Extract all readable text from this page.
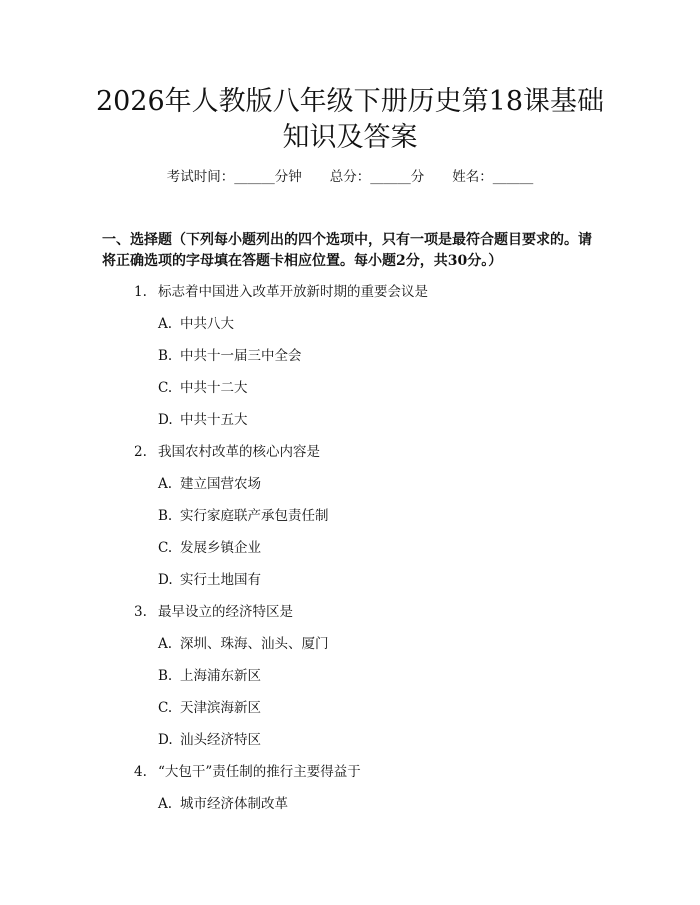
2026年人教版八年级下册历史第18课基础
知识及答案
考试时间：______分钟 总分：______分 姓名：______
一、选择题（下列每小题列出的四个选项中，只有一项是最符合题目要求的。请
将正确选项的字母填在答题卡相应位置。每小题2分，共30分。）
1. 标志着中国进入改革开放新时期的重要会议是
A. 中共八大
B. 中共十一届三中全会
C. 中共十二大
D. 中共十五大
2. 我国农村改革的核心内容是
A. 建立国营农场
B. 实行家庭联产承包责任制
C. 发展乡镇企业
D. 实行土地国有
3. 最早设立的经济特区是
A. 深圳、珠海、汕头、厦门
B. 上海浦东新区
C. 天津滨海新区
D. 汕头经济特区
4. “大包干”责任制的推行主要得益于
A. 城市经济体制改革
